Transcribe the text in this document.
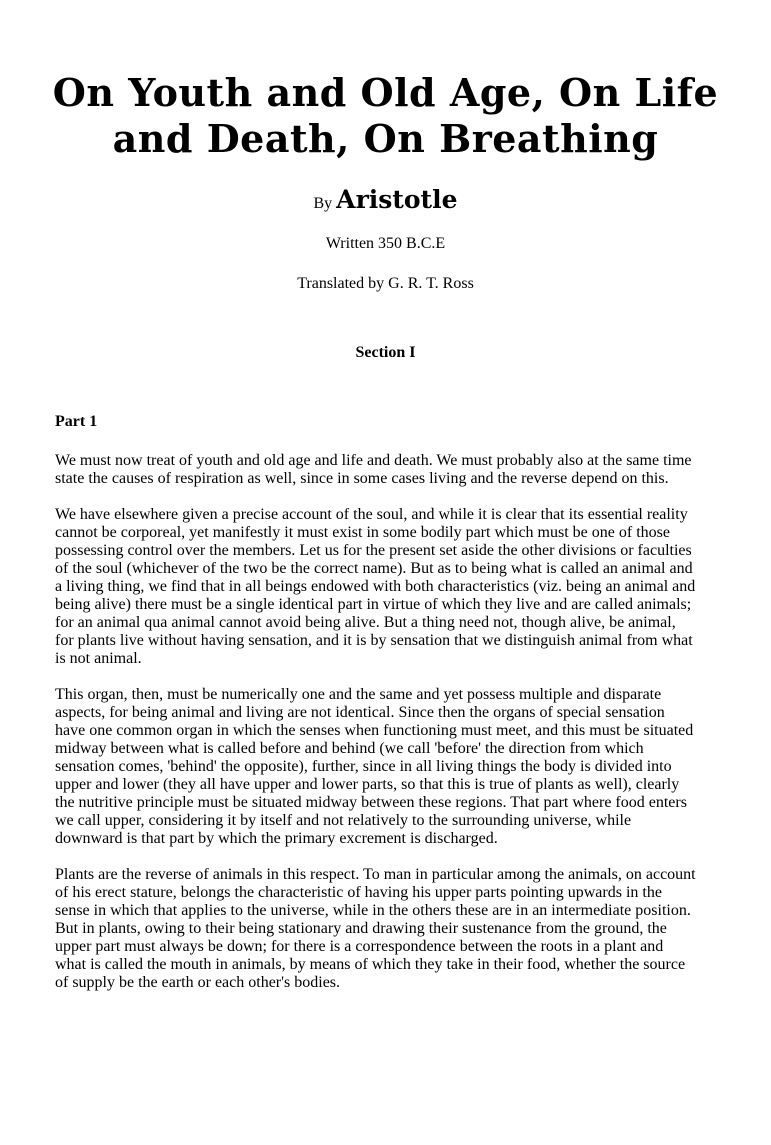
On Youth and Old Age, On Life
and Death, On Breathing
By Aristotle
Written 350 B.C.E
Translated by G. R. T. Ross
Section I
Part 1

We must now treat of youth and old age and life and death. We must probably also at the same time state the causes of respiration as well, since in some cases living and the reverse depend on this.

We have elsewhere given a precise account of the soul, and while it is clear that its essential reality cannot be corporeal, yet manifestly it must exist in some bodily part which must be one of those possessing control over the members. Let us for the present set aside the other divisions or faculties of the soul (whichever of the two be the correct name). But as to being what is called an animal and a living thing, we find that in all beings endowed with both characteristics (viz. being an animal and being alive) there must be a single identical part in virtue of which they live and are called animals; for an animal qua animal cannot avoid being alive. But a thing need not, though alive, be animal, for plants live without having sensation, and it is by sensation that we distinguish animal from what is not animal.

This organ, then, must be numerically one and the same and yet possess multiple and disparate aspects, for being animal and living are not identical. Since then the organs of special sensation have one common organ in which the senses when functioning must meet, and this must be situated midway between what is called before and behind (we call 'before' the direction from which sensation comes, 'behind' the opposite), further, since in all living things the body is divided into upper and lower (they all have upper and lower parts, so that this is true of plants as well), clearly the nutritive principle must be situated midway between these regions. That part where food enters we call upper, considering it by itself and not relatively to the surrounding universe, while downward is that part by which the primary excrement is discharged.

Plants are the reverse of animals in this respect. To man in particular among the animals, on account of his erect stature, belongs the characteristic of having his upper parts pointing upwards in the sense in which that applies to the universe, while in the others these are in an intermediate position. But in plants, owing to their being stationary and drawing their sustenance from the ground, the upper part must always be down; for there is a correspondence between the roots in a plant and what is called the mouth in animals, by means of which they take in their food, whether the source of supply be the earth or each other's bodies.
